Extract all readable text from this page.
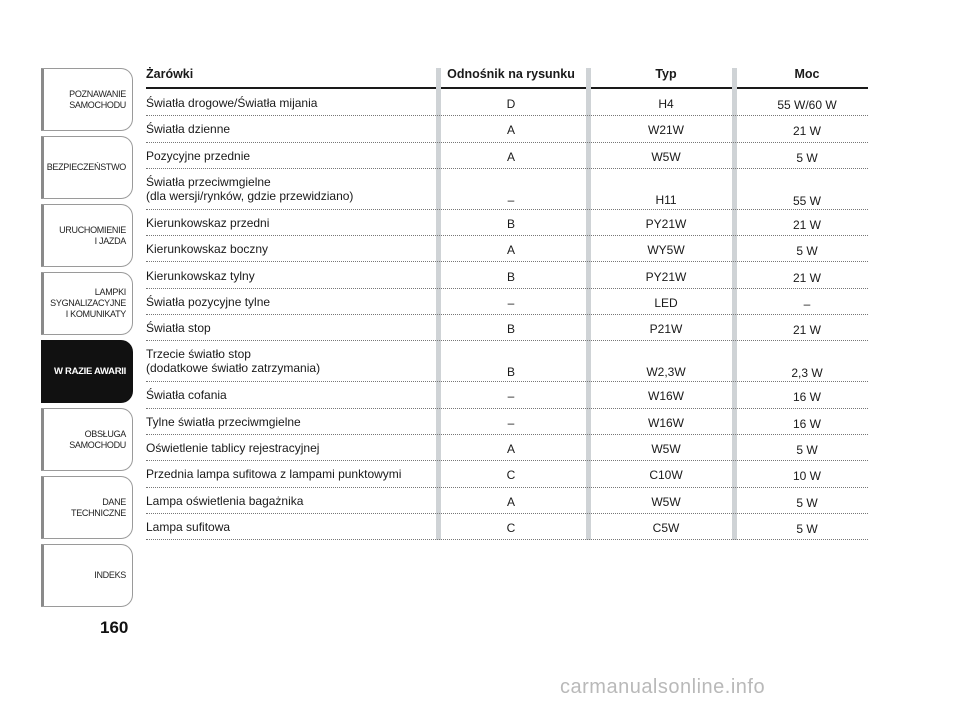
POZNAWANIE
SAMOCHODU
BEZPIECZEŃSTWO
URUCHOMIENIE
I JAZDA
LAMPKI
SYGNALIZACYJNE
I KOMUNIKATY
W RAZIE AWARII
OBSŁUGA
SAMOCHODU
DANE
TECHNICZNE
INDEKS
160
Żarówki	Odnośnik na rysunku	Typ	Moc
Światła drogowe/Światła mijania	D	H4	55 W/60 W
Światła dzienne	A	W21W	21 W
Pozycyjne przednie	A	W5W	5 W
Światła przeciwmgielne
(dla wersji/rynków, gdzie przewidziano)	–	H11	55 W
Kierunkowskaz przedni	B	PY21W	21 W
Kierunkowskaz boczny	A	WY5W	5 W
Kierunkowskaz tylny	B	PY21W	21 W
Światła pozycyjne tylne	–	LED	–
Światła stop	B	P21W	21 W
Trzecie światło stop
(dodatkowe światło zatrzymania)	B	W2,3W	2,3 W
Światła cofania	–	W16W	16 W
Tylne światła przeciwmgielne	–	W16W	16 W
Oświetlenie tablicy rejestracyjnej	A	W5W	5 W
Przednia lampa sufitowa z lampami punktowymi	C	C10W	10 W
Lampa oświetlenia bagażnika	A	W5W	5 W
Lampa sufitowa	C	C5W	5 W
carmanualsonline.info
